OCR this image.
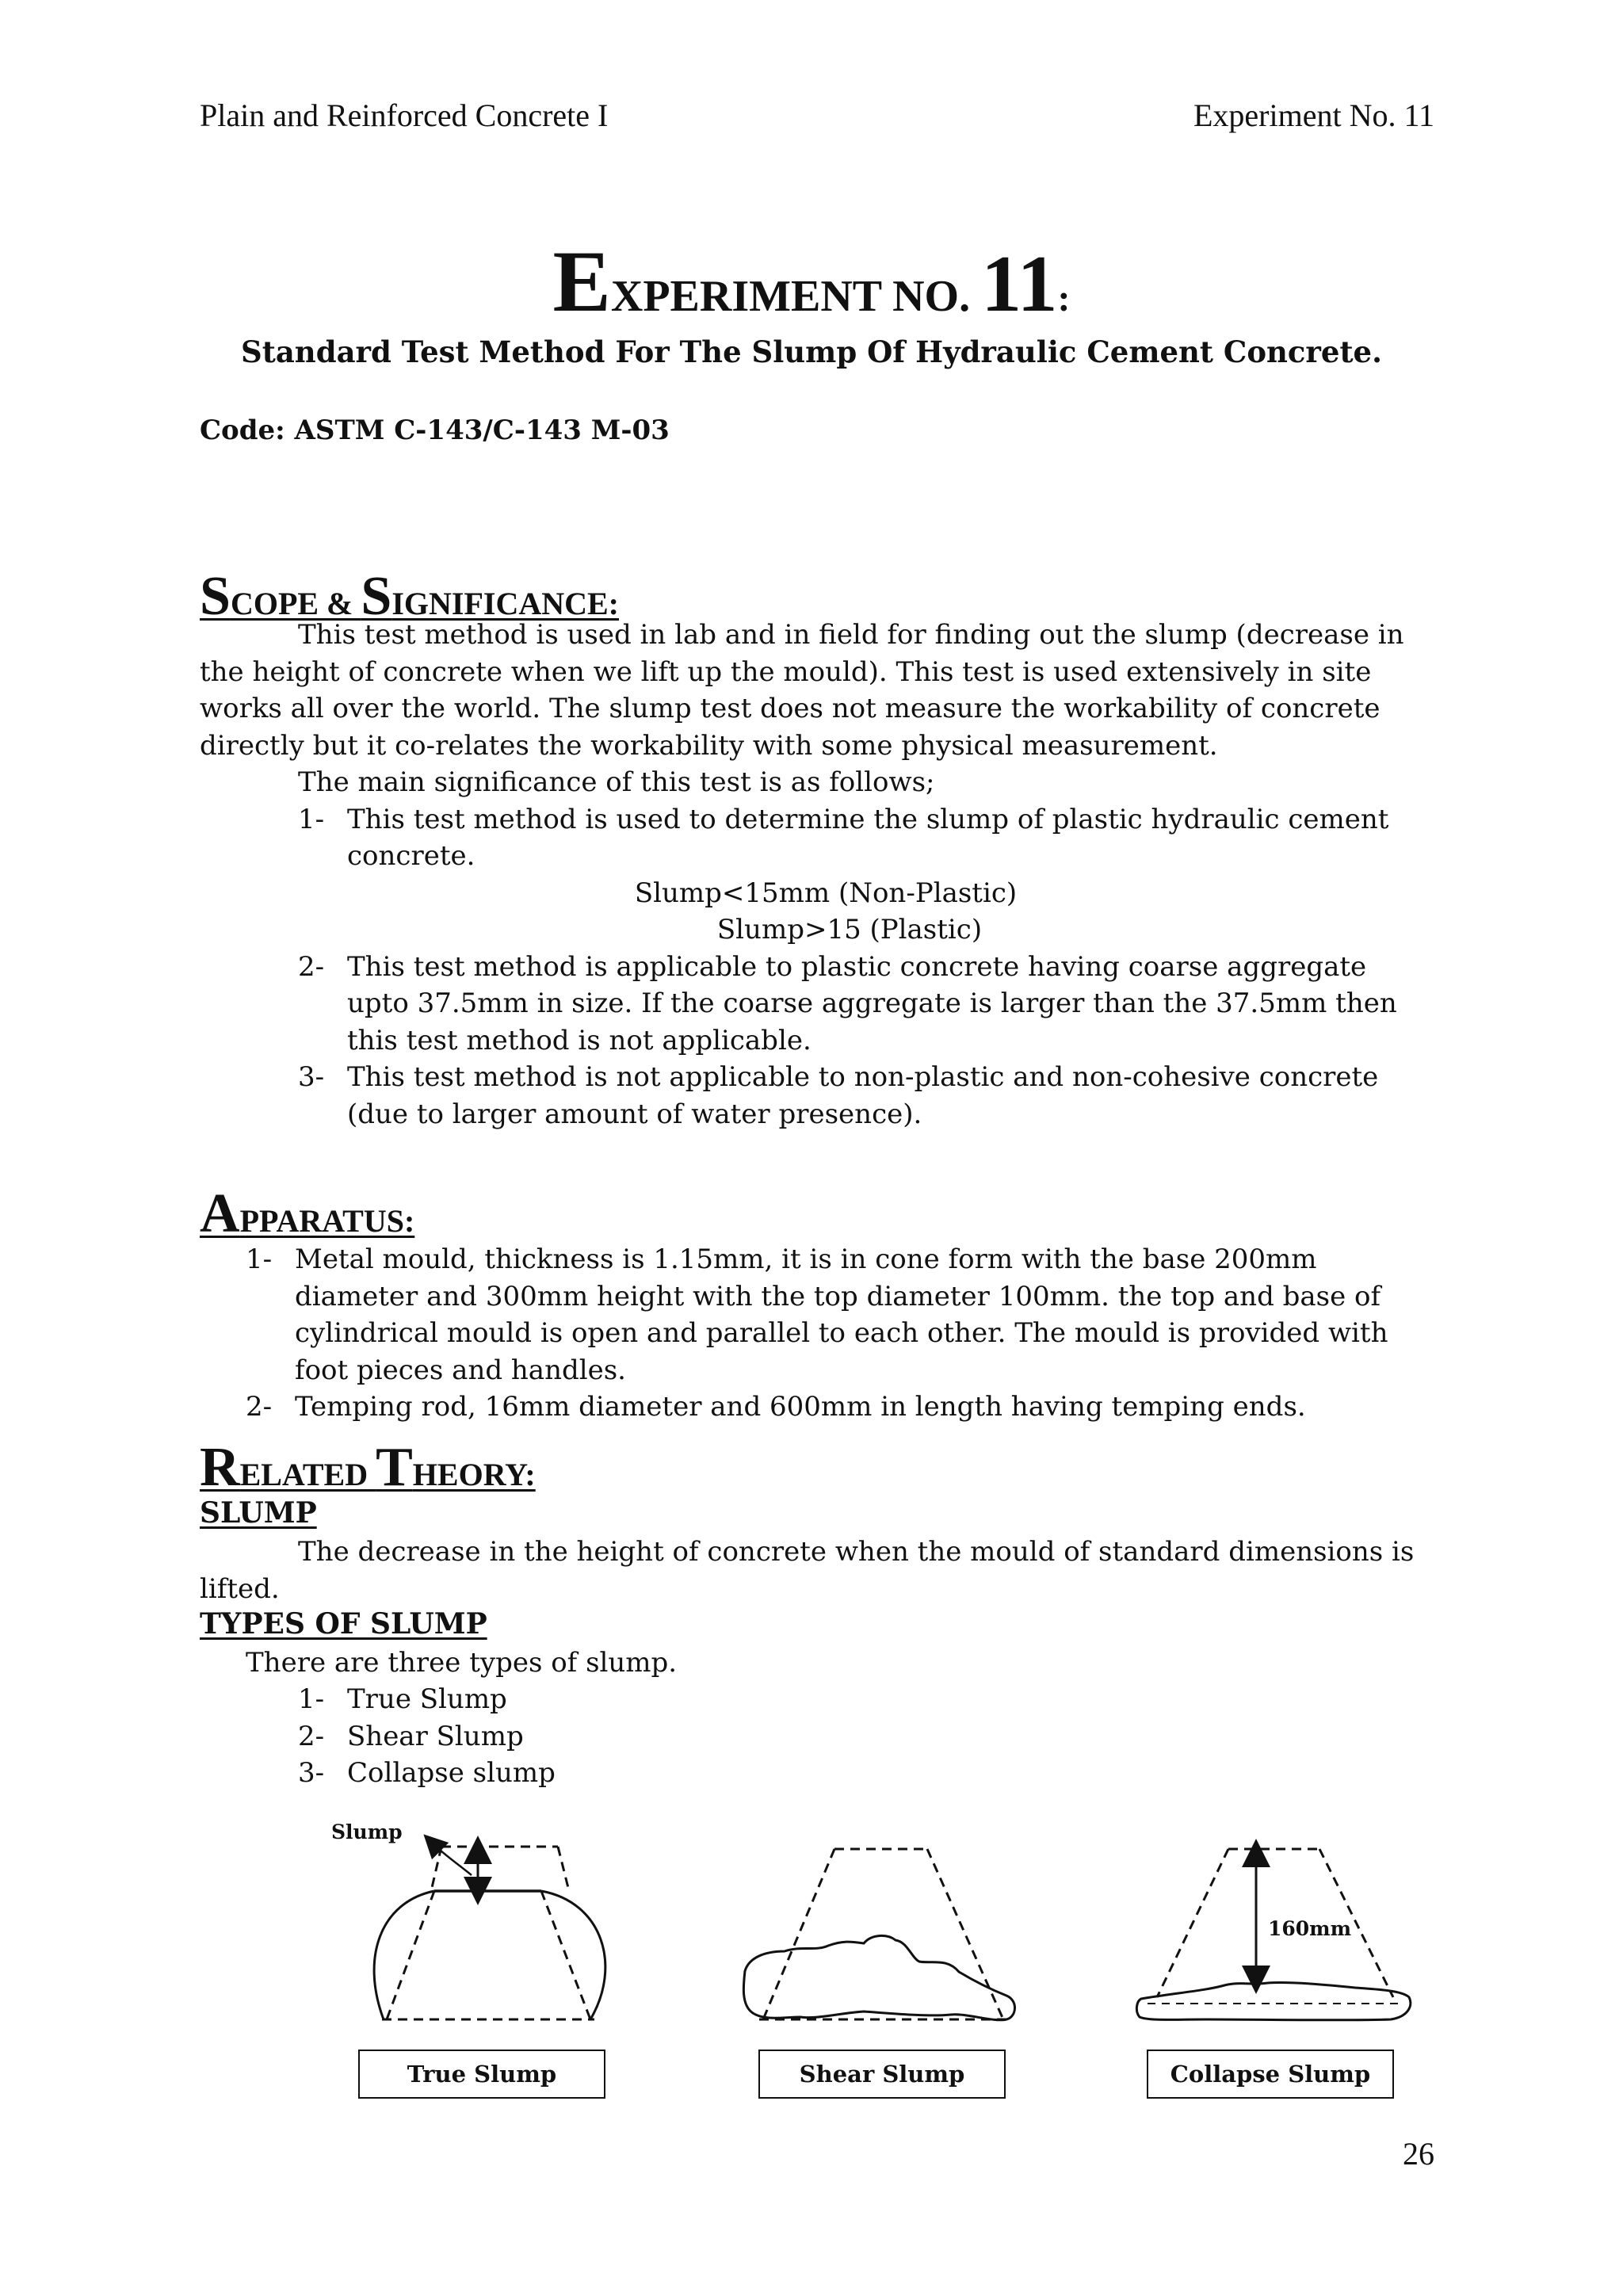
Plain and Reinforced Concrete I	Experiment No. 11
EXPERIMENT NO. 11:
Standard Test Method For The Slump Of Hydraulic Cement Concrete.
Code: ASTM C-143/C-143 M-03
SCOPE & SIGNIFICANCE:
This test method is used in lab and in field for finding out the slump (decrease in the height of concrete when we lift up the mould). This test is used extensively in site works all over the world. The slump test does not measure the workability of concrete directly but it co-relates the workability with some physical measurement.
The main significance of this test is as follows;
1- This test method is used to determine the slump of plastic hydraulic cement concrete.
Slump<15mm (Non-Plastic)
Slump>15 (Plastic)
2- This test method is applicable to plastic concrete having coarse aggregate upto 37.5mm in size. If the coarse aggregate is larger than the 37.5mm then this test method is not applicable.
3- This test method is not applicable to non-plastic and non-cohesive concrete (due to larger amount of water presence).
APPARATUS:
1- Metal mould, thickness is 1.15mm, it is in cone form with the base 200mm diameter and 300mm height with the top diameter 100mm. the top and base of cylindrical mould is open and parallel to each other. The mould is provided with foot pieces and handles.
2- Temping rod, 16mm diameter and 600mm in length having temping ends.
RELATED THEORY:
SLUMP
The decrease in the height of concrete when the mould of standard dimensions is lifted.
TYPES OF SLUMP
There are three types of slump.
1- True Slump
2- Shear Slump
3- Collapse slump
Slump
160mm
True Slump	Shear Slump	Collapse Slump
26
